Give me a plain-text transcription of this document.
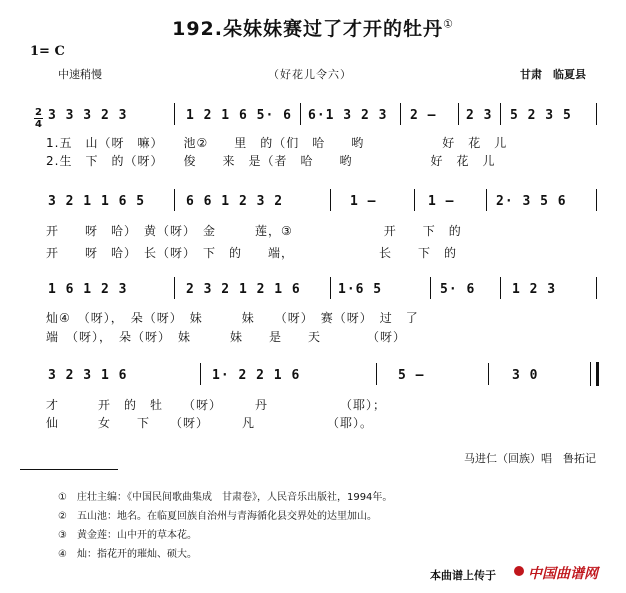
192.朵妹妹赛过了才开的牡丹①
1= C
中速稍慢	（好花儿令六）	甘肃　临夏县
2
4
3 3 3 2 3	1 2 1 6 5· 6 6·1 3 2 3 2 – 2 3 5 2 3 5
1.五　山（呀　嘛）　　池②　　里　的（们　哈　　哟　　　　　　好　花　儿
2.生　下　的（呀）　　俊　　来　是（者　哈　　哟　　　　　　好　花　儿
3 2 1 1 6 5	6 6 1 2 3 2	1 –	1 –	2· 3 5 6
开　　呀　哈）　黄（呀）　金　　　莲，③　　　　　　　开　　下　的
开　　呀　哈）　长（呀）　下　的　　端，　　　　　　　长　　下　的
1 6 1 2 3	2 3 2 1 2 1 6	1·6 5	5· 6	1 2 3
灿④　（呀），　朵（呀）　妹　　　妹　　（呀）　赛（呀）　过　了
端　（呀），　朵（呀）　妹　　　妹　　是　　天　　　　（呀）
3 2 3 1 6	1· 2 2 1 6	5 –	3 0
才　　　开　的　牡　　（呀）　　　丹　　　　　　（耶）；
仙　　　女　　下　　（呀）　　　凡　　　　　　（耶）。
马进仁（回族）唱　鲁拓记
①　庄壮主编：《中国民间歌曲集成　甘肃卷》，人民音乐出版社，1994年。
②　五山池：地名。在临夏回族自治州与青海循化县交界处的达里加山。
③　黄金莲：山中开的草本花。
④　灿：指花开的璀灿、硕大。
本曲谱上传于 中国曲谱网
